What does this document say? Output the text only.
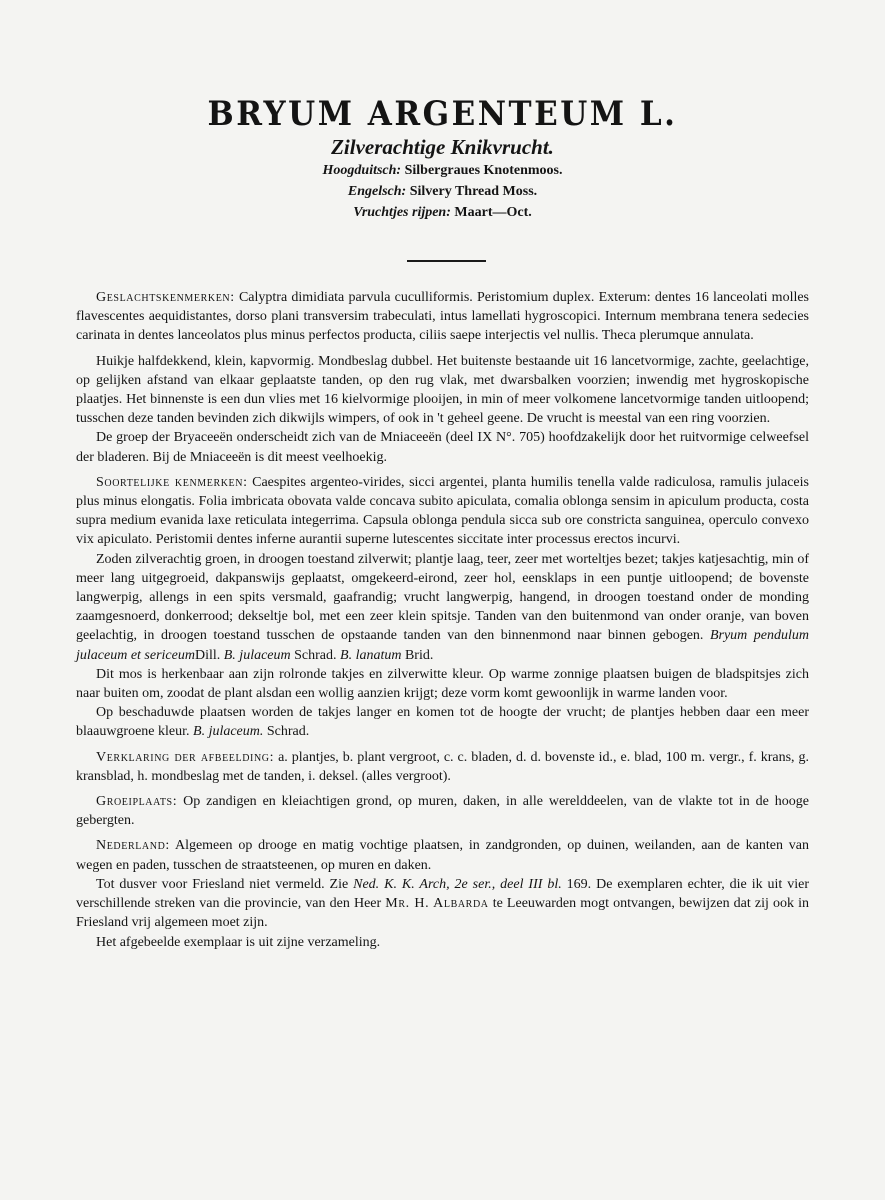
BRYUM ARGENTEUM L.
Zilverachtige Knikvrucht.
Hoogduitsch: Silbergraues Knotenmoos.
Engelsch: Silvery Thread Moss.
Vruchtjes rijpen: Maart—Oct.

Geslachtskenmerken: Calyptra dimidiata parvula cuculliformis. Peristomium duplex. Exterum: dentes 16 lanceolati molles flavescentes aequidistantes, dorso plani transversim trabeculati, intus lamellati hygroscopici. Internum membrana tenera sedecies carinata in dentes lanceolatos plus minus perfectos producta, ciliis saepe interjectis vel nullis. Theca plerumque annulata.

Huikje halfdekkend, klein, kapvormig. Mondbeslag dubbel. Het buitenste bestaande uit 16 lancetvormige, zachte, geelachtige, op gelijken afstand van elkaar geplaatste tanden, op den rug vlak, met dwarsbalken voorzien; inwendig met hygroskopische plaatjes. Het binnenste is een dun vlies met 16 kielvormige plooijen, in min of meer volkomene lancetvormige tanden uitloopend; tusschen deze tanden bevinden zich dikwijls wimpers, of ook in 't geheel geene. De vrucht is meestal van een ring voorzien.

De groep der Bryaceeën onderscheidt zich van de Mniaceeën (deel IX N°. 705) hoofdzakelijk door het ruitvormige celweefsel der bladeren. Bij de Mniaceeën is dit meest veelhoekig.

Soortelijke kenmerken: Caespites argenteo-virides, sicci argentei, planta humilis tenella valde radiculosa, ramulis julaceis plus minus elongatis. Folia imbricata obovata valde concava subito apiculata, comalia oblonga sensim in apiculum producta, costa supra medium evanida laxe reticulata integerrima. Capsula oblonga pendula sicca sub ore constricta sanguinea, operculo convexo vix apiculato. Peristomii dentes inferne aurantii superne lutescentes siccitate inter processus erectos incurvi.

Zoden zilverachtig groen, in droogen toestand zilverwit; plantje laag, teer, zeer met worteltjes bezet; takjes katjesachtig, min of meer lang uitgegroeid, dakpanswijs geplaatst, omgekeerd-eirond, zeer hol, eensklaps in een puntje uitloopend; de bovenste langwerpig, allengs in een spits versmald, gaafrandig; vrucht langwerpig, hangend, in droogen toestand onder de monding zaamgesnoerd, donkerrood; dekseltje bol, met een zeer klein spitsje. Tanden van den buitenmond van onder oranje, van boven geelachtig, in droogen toestand tusschen de opstaande tanden van den binnenmond naar binnen gebogen. Bryum pendulum julaceum et sericeumDill. B. julaceum Schrad. B. lanatum Brid.

Dit mos is herkenbaar aan zijn rolronde takjes en zilverwitte kleur. Op warme zonnige plaatsen buigen de bladspitsjes zich naar buiten om, zoodat de plant alsdan een wollig aanzien krijgt; deze vorm komt gewoonlijk in warme landen voor.

Op beschaduwde plaatsen worden de takjes langer en komen tot de hoogte der vrucht; de plantjes hebben daar een meer blaauwgroene kleur. B. julaceum. Schrad.

Verklaring der afbeelding: a. plantjes, b. plant vergroot, c. c. bladen, d. d. bovenste id., e. blad, 100 m. vergr., f. krans, g. kransblad, h. mondbeslag met de tanden, i. deksel. (alles vergroot).

Groeiplaats: Op zandigen en kleiachtigen grond, op muren, daken, in alle werelddeelen, van de vlakte tot in de hooge gebergten.

Nederland: Algemeen op drooge en matig vochtige plaatsen, in zandgronden, op duinen, weilanden, aan de kanten van wegen en paden, tusschen de straatsteenen, op muren en daken.

Tot dusver voor Friesland niet vermeld. Zie Ned. K. K. Arch, 2e ser., deel III bl. 169. De exemplaren echter, die ik uit vier verschillende streken van die provincie, van den Heer Mr. H. Albarda te Leeuwarden mogt ontvangen, bewijzen dat zij ook in Friesland vrij algemeen moet zijn.

Het afgebeelde exemplaar is uit zijne verzameling.
